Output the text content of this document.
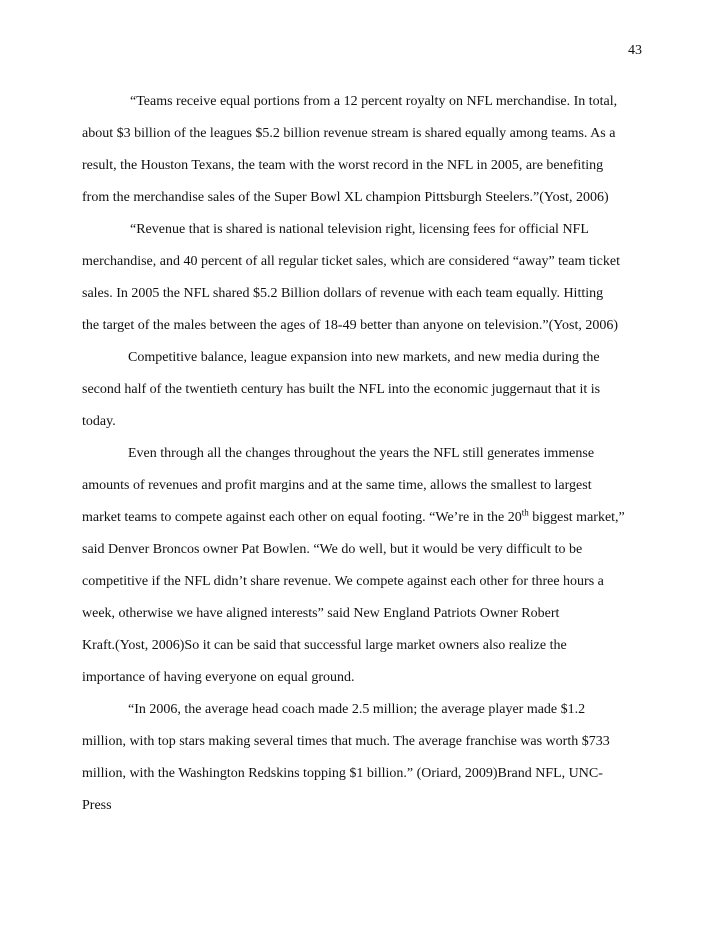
43

“Teams receive equal portions from a 12 percent royalty on NFL merchandise. In total,
about $3 billion of the leagues $5.2 billion revenue stream is shared equally among teams. As a
result, the Houston Texans, the team with the worst record in the NFL in 2005, are benefiting
from the merchandise sales of the Super Bowl XL champion Pittsburgh Steelers.”(Yost, 2006)

“Revenue that is shared is national television right, licensing fees for official NFL
merchandise, and 40 percent of all regular ticket sales, which are considered “away” team ticket
sales. In 2005 the NFL shared $5.2 Billion dollars of revenue with each team equally. Hitting
the target of the males between the ages of 18-49 better than anyone on television.”(Yost, 2006)

Competitive balance, league expansion into new markets, and new media during the
second half of the twentieth century has built the NFL into the economic juggernaut that it is
today.

Even through all the changes throughout the years the NFL still generates immense
amounts of revenues and profit margins and at the same time, allows the smallest to largest
market teams to compete against each other on equal footing. “We’re in the 20th biggest market,”
said Denver Broncos owner Pat Bowlen. “We do well, but it would be very difficult to be
competitive if the NFL didn’t share revenue. We compete against each other for three hours a
week, otherwise we have aligned interests” said New England Patriots Owner Robert
Kraft.(Yost, 2006)So it can be said that successful large market owners also realize the
importance of having everyone on equal ground.

“In 2006, the average head coach made 2.5 million; the average player made $1.2
million, with top stars making several times that much. The average franchise was worth $733
million, with the Washington Redskins topping $1 billion.” (Oriard, 2009)Brand NFL, UNC-
Press
